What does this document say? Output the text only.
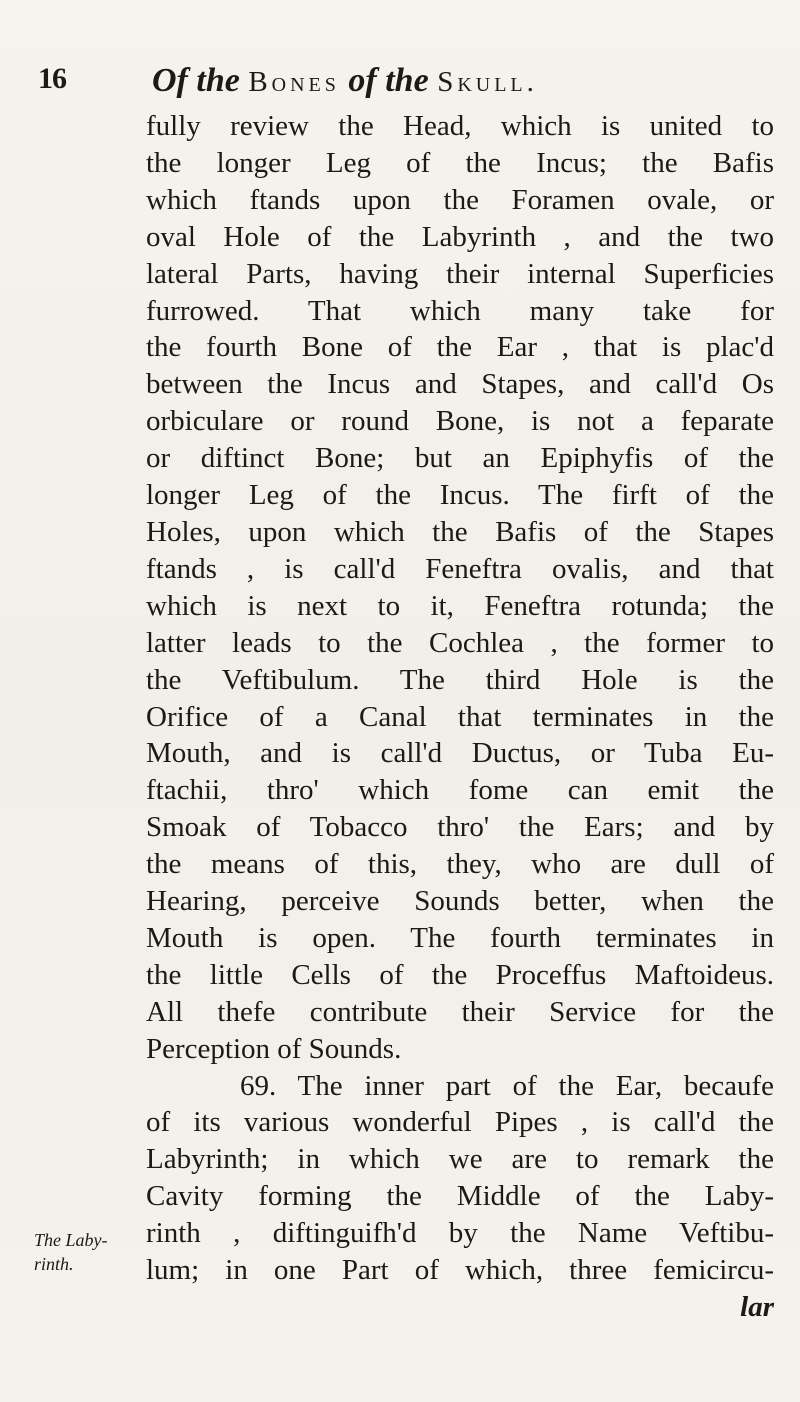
16	Of the Bones of the Skull.
fully review the Head, which is united to
the longer Leg of the Incus; the Bafis
which ftands upon the Foramen ovale, or
oval Hole of the Labyrinth , and the two
lateral Parts, having their internal Superficies
furrowed. That which many take for
the fourth Bone of the Ear , that is plac'd
between the Incus and Stapes, and call'd Os
orbiculare or round Bone, is not a feparate
or diftinct Bone; but an Epiphyfis of the
longer Leg of the Incus. The firft of the
Holes, upon which the Bafis of the Stapes
ftands , is call'd Feneftra ovalis, and that
which is next to it, Feneftra rotunda; the
latter leads to the Cochlea , the former to
the Veftibulum. The third Hole is the
Orifice of a Canal that terminates in the
Mouth, and is call'd Ductus, or Tuba Eu-
ftachii, thro' which fome can emit the
Smoak of Tobacco thro' the Ears; and by
the means of this, they, who are dull of
Hearing, perceive Sounds better, when the
Mouth is open. The fourth terminates in
the little Cells of the Proceffus Maftoideus.
All thefe contribute their Service for the
Perception of Sounds.
69. The inner part of the Ear, becaufe
of its various wonderful Pipes , is call'd the
Labyrinth; in which we are to remark the
Cavity forming the Middle of the Laby-
rinth , diftinguifh'd by the Name Veftibu-
lum; in one Part of which, three femicircu-
lar
The Laby-
rinth.
